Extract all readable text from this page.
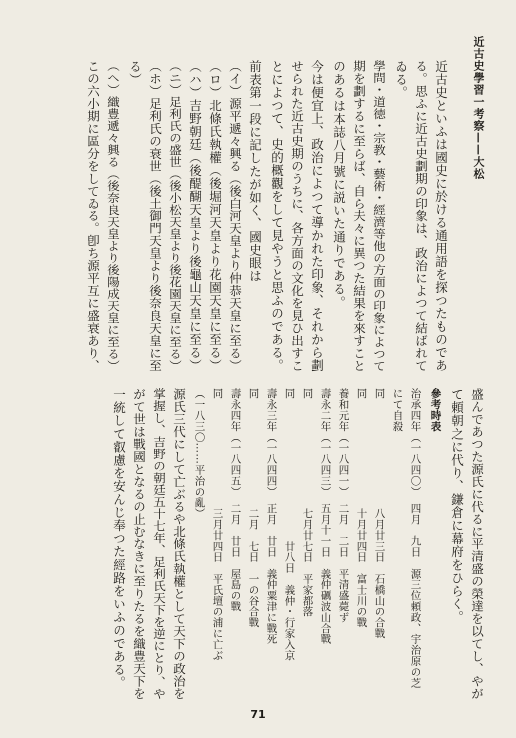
近古史學習一考察——大松
近古史といふは國史に於ける通用語を探つたものであ
る。思ふに近古史劃期の印象は、政治によつて結ばれて
ゐる。
學問・道徳・宗教・藝術・經濟等他の方面の印象によつて
期を劃するに至らば、自ら夫々に異つた結果を來すこと
のあるは本誌八月號に説いた通りである。
今は便宜上、政治によつて導かれた印象、それから劃
せられた近古史期のうちに、各方面の文化を見ひ出すこ
とによつて、史的概觀をして見やうと思ふのである。
前表第一段に記したが如く、國史眼は
（イ）源平遞々興る（後白河天皇より仲恭天皇に至る）
（ロ）北條氏執權（後堀河天皇より花園天皇に至る）
（ハ）吉野朝廷（後醍醐天皇より後龜山天皇に至る）
（ニ）足利氏の盛世（後小松天皇より後花園天皇に至る）
（ホ）足利氏の衰世（後土御門天皇より後奈良天皇に至
る）
（ヘ）織豊遞々興る（後奈良天皇より後陽成天皇に至る）
この六小期に區分をしてゐる。卽ち源平互に盛衰あり、
盛んであつた源氏に代るに平清盛の榮達を以てし、やが
て頼朝之に代り、鎌倉に幕府をひらく。
參考時表
治承四年（一八四〇）　四月　九日　源三位頼政、宇治原の芝
にて自殺
同　　　　　　　　　　八月廿三日　石橋山の合戰
同　　　　　　　　　　十月廿四日　富士川の戰
養和元年（一八四一）　二月　二日　平清盛薨ず
壽永二年（一八四三）　五月十一日　義仲礪波山合戰
同　　　　　　　　　　七月廿七日　平家都落
同　　　　　　　　　　　　　廿八日　義仲・行家入京
壽永三年（一八四四）　正月　廿日　義仲粟津に戰死
同　　　　　　　　　　二月　七日　一の谷合戰
壽永四年（一八四五）　二月　廿日　屋島の戰
同　　　　　　　　　　三月廿四日　平氏壇の浦に亡ぶ
（一八三〇……平治の亂）
源氏三代にして亡ぶるや北條氏執權として天下の政治を
掌握し、吉野の朝廷五十七年、足利氏天下を逆にとり、や
がて世は戰國となるの止むなきに至りたるを織豊天下を
一統して叡慮を安んじ奉つた經路をいふのである。
71
